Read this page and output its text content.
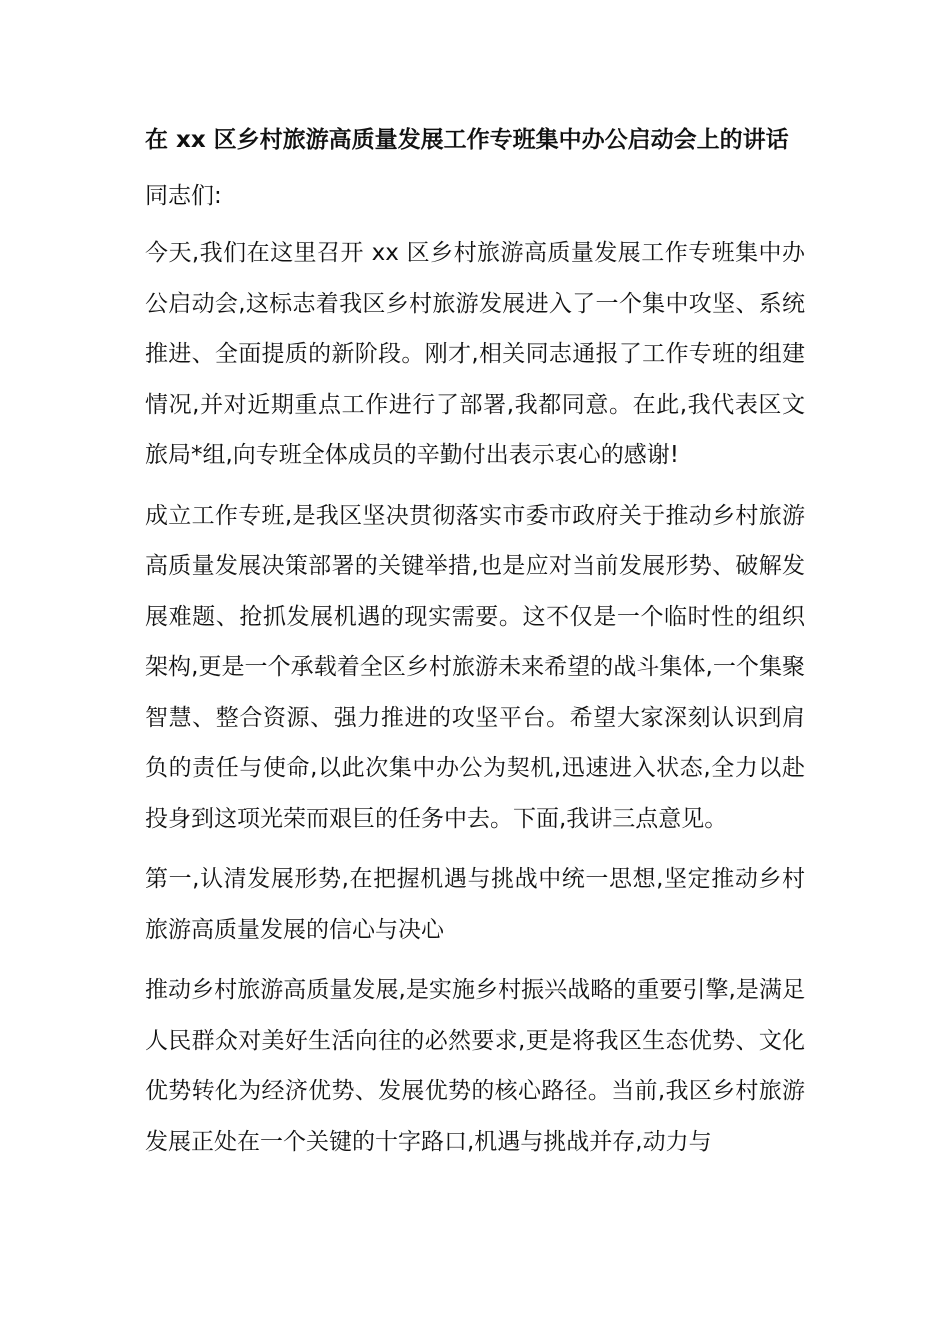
在 xx 区乡村旅游高质量发展工作专班集中办公启动会上的讲话

同志们:

今天,我们在这里召开 xx 区乡村旅游高质量发展工作专班集中办公启动会,这标志着我区乡村旅游发展进入了一个集中攻坚、系统推进、全面提质的新阶段。刚才,相关同志通报了工作专班的组建情况,并对近期重点工作进行了部署,我都同意。在此,我代表区文旅局*组,向专班全体成员的辛勤付出表示衷心的感谢!

成立工作专班,是我区坚决贯彻落实市委市政府关于推动乡村旅游高质量发展决策部署的关键举措,也是应对当前发展形势、破解发展难题、抢抓发展机遇的现实需要。这不仅是一个临时性的组织架构,更是一个承载着全区乡村旅游未来希望的战斗集体,一个集聚智慧、整合资源、强力推进的攻坚平台。希望大家深刻认识到肩负的责任与使命,以此次集中办公为契机,迅速进入状态,全力以赴投身到这项光荣而艰巨的任务中去。下面,我讲三点意见。

第一,认清发展形势,在把握机遇与挑战中统一思想,坚定推动乡村旅游高质量发展的信心与决心

推动乡村旅游高质量发展,是实施乡村振兴战略的重要引擎,是满足人民群众对美好生活向往的必然要求,更是将我区生态优势、文化优势转化为经济优势、发展优势的核心路径。当前,我区乡村旅游发展正处在一个关键的十字路口,机遇与挑战并存,动力与
